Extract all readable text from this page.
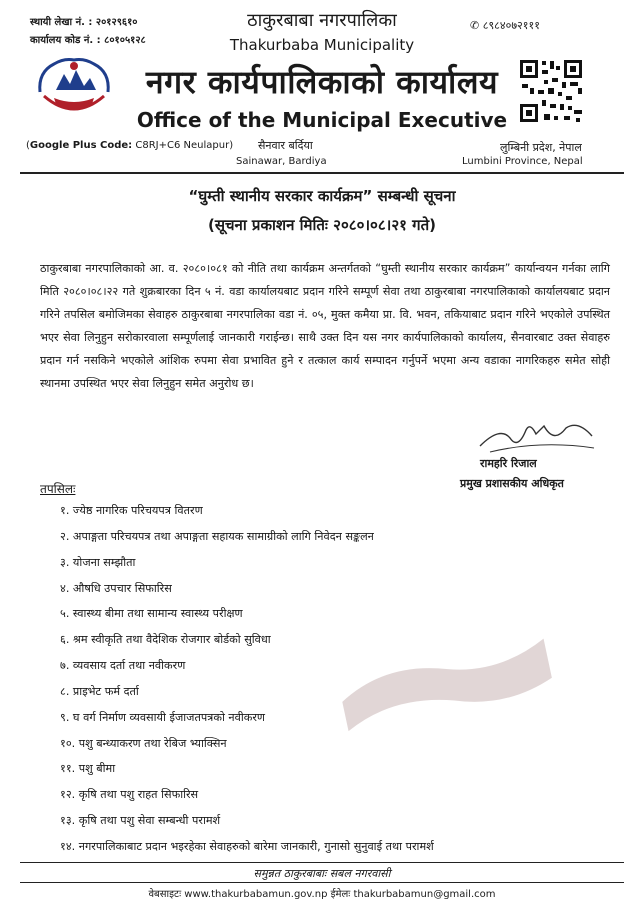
स्थायी लेखा नं. : २०१२९६१०
कार्यालय कोड नं. : ८०१०५१२८
ठाकुरबाबा नगरपालिका
Thakurbaba Municipality
✆ ८९८४०७२१११
नगर कार्यपालिकाको कार्यालय
Office of the Municipal Executive
(Google Plus Code: C8RJ+C6 Neulapur) सैनवार बर्दिया
Sainawar, Bardiya
लुम्बिनी प्रदेश, नेपाल
Lumbini Province, Nepal
“घुम्ती स्थानीय सरकार कार्यक्रम” सम्बन्धी सूचना
(सूचना प्रकाशन मितिः २०८०।०८।२१ गते)
ठाकुरबाबा नगरपालिकाको आ. व. २०८०।०८१ को नीति तथा कार्यक्रम अन्तर्गतको “घुम्ती स्थानीय सरकार कार्यक्रम” कार्यान्वयन गर्नका लागि मिति २०८०।०८।२२ गते शुक्रबारका दिन ५ नं. वडा कार्यालयबाट प्रदान गरिने सम्पूर्ण सेवा तथा ठाकुरबाबा नगरपालिकाको कार्यालयबाट प्रदान गरिने तपसिल बमोजिमका सेवाहरु ठाकुरबाबा नगरपालिका वडा नं. ०५, मुक्त कमैया प्रा. वि. भवन, तकियाबाट प्रदान गरिने भएकोले उपस्थित भएर सेवा लिनुहुन सरोकारवाला सम्पूर्णलाई जानकारी गराईन्छ। साथै उक्त दिन यस नगर कार्यपालिकाको कार्यालय, सैनवारबाट उक्त सेवाहरु प्रदान गर्न नसकिने भएकोले आंशिक रुपमा सेवा प्रभावित हुने र तत्काल कार्य सम्पादन गर्नुपर्ने भएमा अन्य वडाका नागरिकहरु समेत सोही स्थानमा उपस्थित भएर सेवा लिनुहुन समेत अनुरोध छ।
रामहरि रिजाल
प्रमुख प्रशासकीय अधिकृत
तपसिलः
१. ज्येष्ठ नागरिक परिचयपत्र वितरण
२. अपाङ्गता परिचयपत्र तथा अपाङ्गता सहायक सामाग्रीको लागि निवेदन सङ्कलन
३. योजना सम्झौता
४. औषधि उपचार सिफारिस
५. स्वास्थ्य बीमा तथा सामान्य स्वास्थ्य परीक्षण
६. श्रम स्वीकृति तथा वैदेशिक रोजगार बोर्डको सुविधा
७. व्यवसाय दर्ता तथा नवीकरण
८. प्राइभेट फर्म दर्ता
९. घ वर्ग निर्माण व्यवसायी ईजाजतपत्रको नवीकरण
१०. पशु बन्ध्याकरण तथा रेबिज भ्याक्सिन
११. पशु बीमा
१२. कृषि तथा पशु राहत सिफारिस
१३. कृषि तथा पशु सेवा सम्बन्धी परामर्श
१४. नगरपालिकाबाट प्रदान भइरहेका सेवाहरुको बारेमा जानकारी, गुनासो सुनुवाई तथा परामर्श
समुन्नत ठाकुरबाबाः सबल नगरवासी
वेबसाइटः www.thakurbabamun.gov.np ईमेलः thakurbabamun@gmail.com
